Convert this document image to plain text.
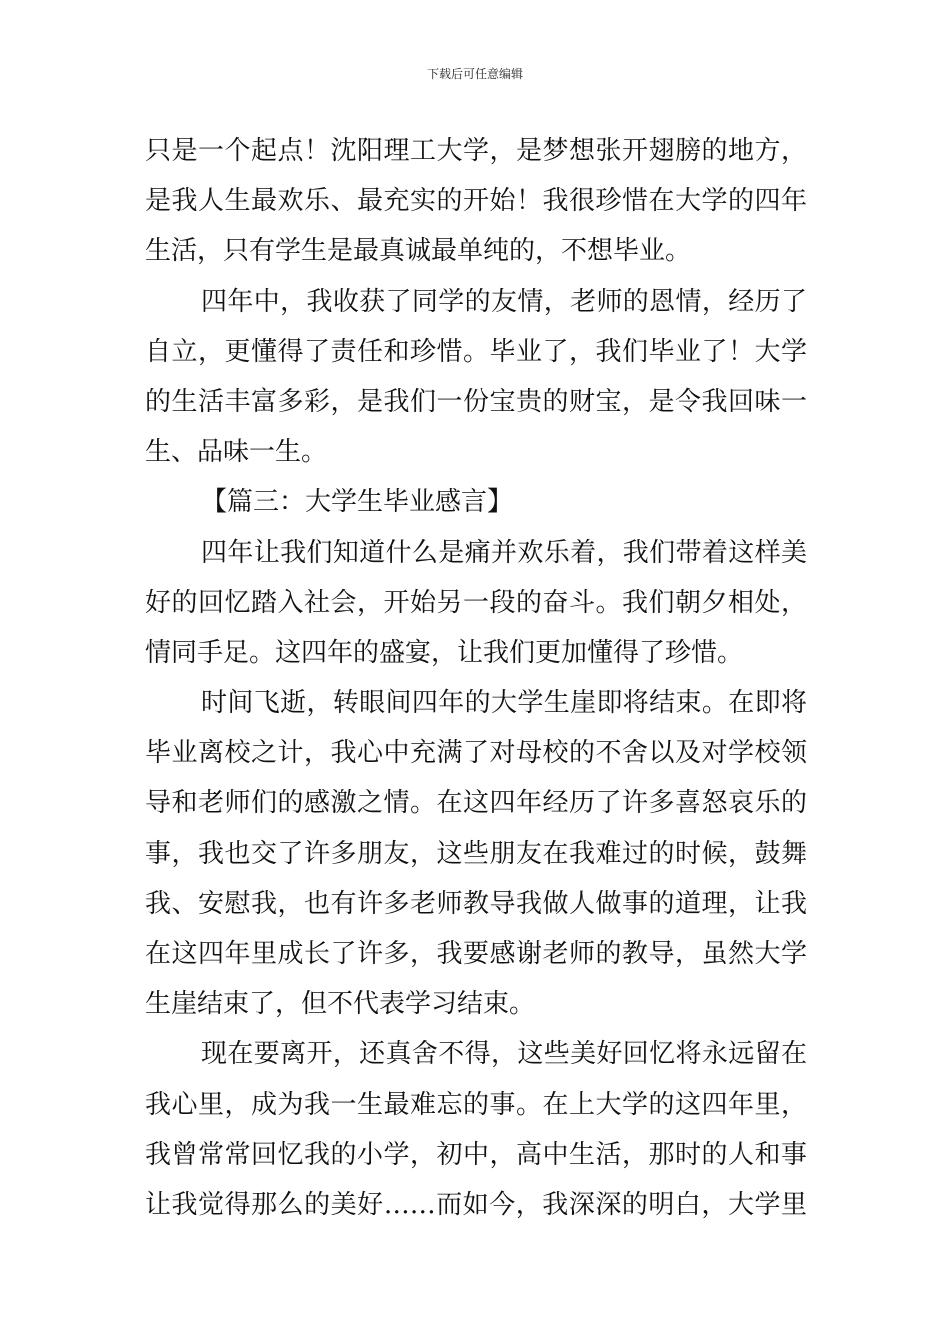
下载后可任意编辑
只是一个起点！沈阳理工大学，是梦想张开翅膀的地方，
是我人生最欢乐、最充实的开始！我很珍惜在大学的四年
生活，只有学生是最真诚最单纯的，不想毕业。
四年中，我收获了同学的友情，老师的恩情，经历了
自立，更懂得了责任和珍惜。毕业了，我们毕业了！大学
的生活丰富多彩，是我们一份宝贵的财宝，是令我回味一
生、品味一生。
【篇三：大学生毕业感言】
四年让我们知道什么是痛并欢乐着，我们带着这样美
好的回忆踏入社会，开始另一段的奋斗。我们朝夕相处，
情同手足。这四年的盛宴，让我们更加懂得了珍惜。
时间飞逝，转眼间四年的大学生崖即将结束。在即将
毕业离校之计，我心中充满了对母校的不舍以及对学校领
导和老师们的感激之情。在这四年经历了许多喜怒哀乐的
事，我也交了许多朋友，这些朋友在我难过的时候，鼓舞
我、安慰我，也有许多老师教导我做人做事的道理，让我
在这四年里成长了许多，我要感谢老师的教导，虽然大学
生崖结束了，但不代表学习结束。
现在要离开，还真舍不得，这些美好回忆将永远留在
我心里，成为我一生最难忘的事。在上大学的这四年里，
我曾常常回忆我的小学，初中，高中生活，那时的人和事
让我觉得那么的美好……而如今，我深深的明白，大学里
